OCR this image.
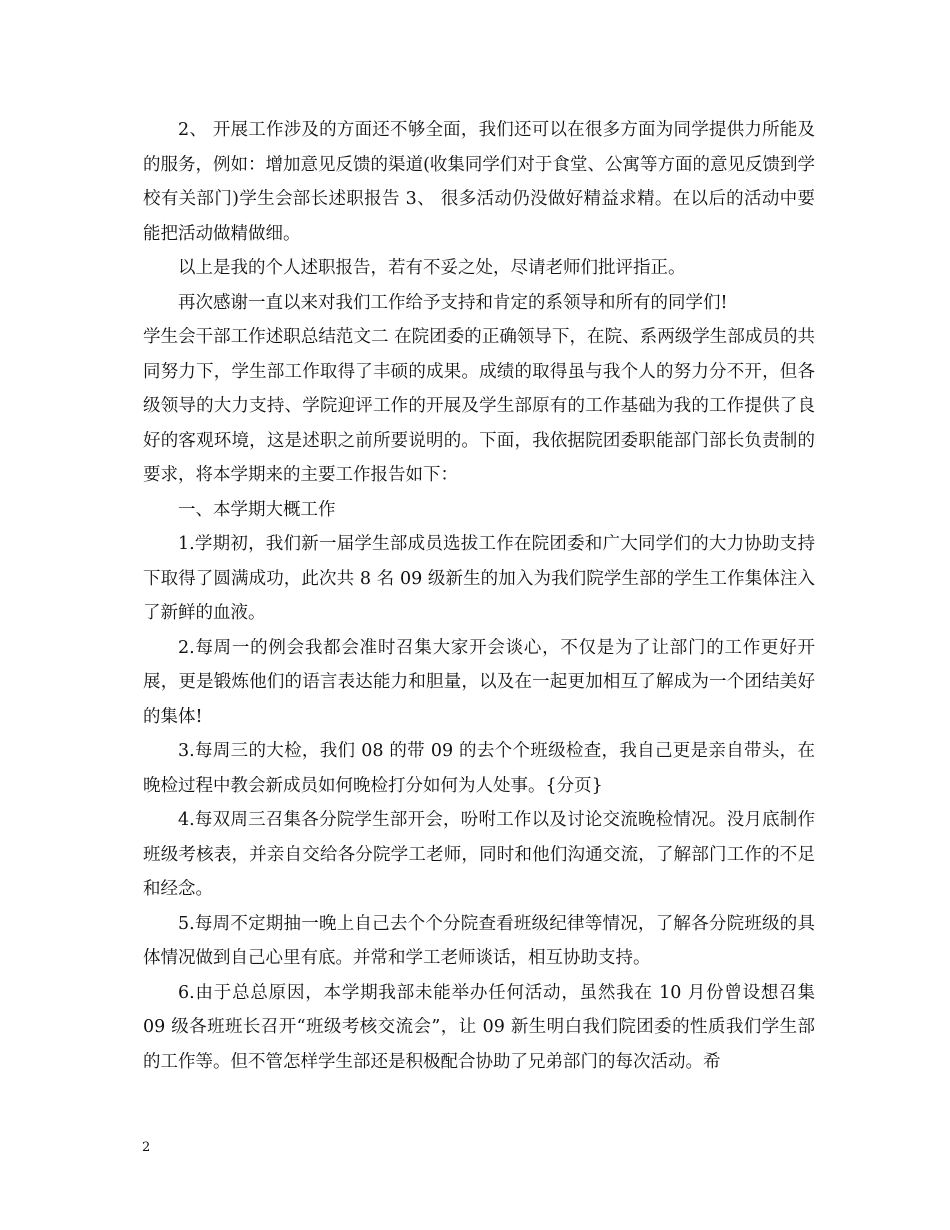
2、 开展工作涉及的方面还不够全面，我们还可以在很多方面为同学提供力所能及的服务，例如：增加意见反馈的渠道(收集同学们对于食堂、公寓等方面的意见反馈到学校有关部门)学生会部长述职报告 3、 很多活动仍没做好精益求精。在以后的活动中要能把活动做精做细。

以上是我的个人述职报告，若有不妥之处，尽请老师们批评指正。

再次感谢一直以来对我们工作给予支持和肯定的系领导和所有的同学们!

学生会干部工作述职总结范文二 在院团委的正确领导下，在院、系两级学生部成员的共同努力下，学生部工作取得了丰硕的成果。成绩的取得虽与我个人的努力分不开，但各级领导的大力支持、学院迎评工作的开展及学生部原有的工作基础为我的工作提供了良好的客观环境，这是述职之前所要说明的。下面，我依据院团委职能部门部长负责制的要求，将本学期来的主要工作报告如下：

一、本学期大概工作

1.学期初，我们新一届学生部成员选拔工作在院团委和广大同学们的大力协助支持下取得了圆满成功，此次共 8 名 09 级新生的加入为我们院学生部的学生工作集体注入了新鲜的血液。

2.每周一的例会我都会准时召集大家开会谈心，不仅是为了让部门的工作更好开展，更是锻炼他们的语言表达能力和胆量，以及在一起更加相互了解成为一个团结美好的集体!

3.每周三的大检，我们 08 的带 09 的去个个班级检查，我自己更是亲自带头，在晚检过程中教会新成员如何晚检打分如何为人处事。{分页}

4.每双周三召集各分院学生部开会，吩咐工作以及讨论交流晚检情况。没月底制作班级考核表，并亲自交给各分院学工老师，同时和他们沟通交流，了解部门工作的不足和经念。

5.每周不定期抽一晚上自己去个个分院查看班级纪律等情况，了解各分院班级的具体情况做到自己心里有底。并常和学工老师谈话，相互协助支持。

6.由于总总原因，本学期我部未能举办任何活动，虽然我在 10 月份曾设想召集 09 级各班班长召开“班级考核交流会”，让 09 新生明白我们院团委的性质我们学生部的工作等。但不管怎样学生部还是积极配合协助了兄弟部门的每次活动。希

2
